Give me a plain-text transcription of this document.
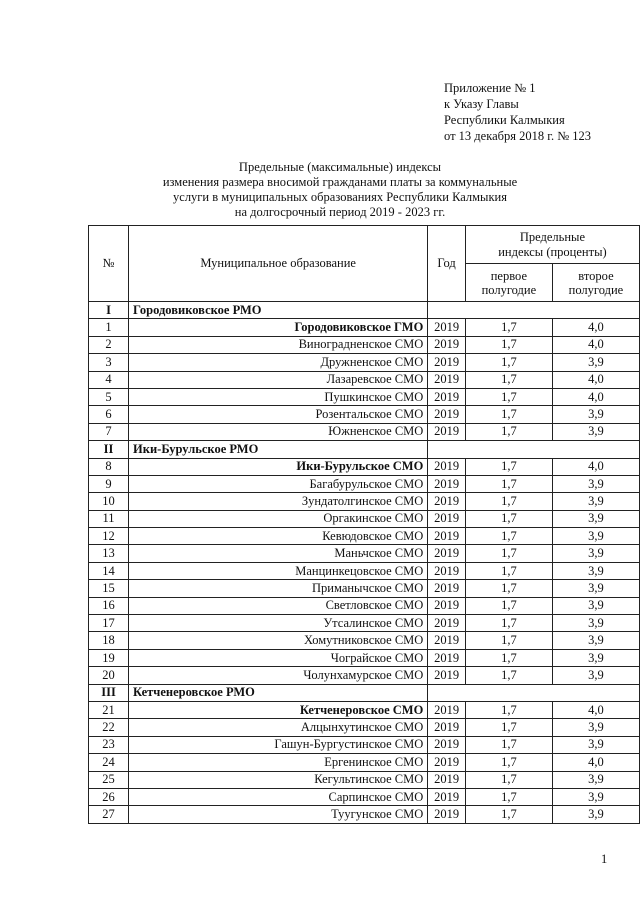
Приложение № 1
к Указу Главы
Республики Калмыкия
от 13 декабря 2018 г. № 123
Предельные (максимальные) индексы
изменения размера вносимой гражданами платы за коммунальные
услуги в муниципальных образованиях Республики Калмыкия
на долгосрочный период 2019 - 2023 гг.
№	Муниципальное образование	Год	Предельные индексы (проценты)	
			первое полугодие	второе полугодие
I	Городовиковское РМО			
1	Городовиковское ГМО	2019	1,7	4,0
2	Виноградненское СМО	2019	1,7	4,0
3	Дружненское СМО	2019	1,7	3,9
4	Лазаревское СМО	2019	1,7	4,0
5	Пушкинское СМО	2019	1,7	4,0
6	Розентальское СМО	2019	1,7	3,9
7	Южненское СМО	2019	1,7	3,9
II	Ики-Бурульское РМО			
8	Ики-Бурульское СМО	2019	1,7	4,0
9	Багабурульское СМО	2019	1,7	3,9
10	Зундатолгинское СМО	2019	1,7	3,9
11	Оргакинское СМО	2019	1,7	3,9
12	Кевюдовское СМО	2019	1,7	3,9
13	Маньчское СМО	2019	1,7	3,9
14	Манцинкецовское СМО	2019	1,7	3,9
15	Приманычское СМО	2019	1,7	3,9
16	Светловское СМО	2019	1,7	3,9
17	Утсалинское СМО	2019	1,7	3,9
18	Хомутниковское СМО	2019	1,7	3,9
19	Чограйское СМО	2019	1,7	3,9
20	Чолунхамурское СМО	2019	1,7	3,9
III	Кетченеровское РМО			
21	Кетченеровское СМО	2019	1,7	4,0
22	Алцынхутинское СМО	2019	1,7	3,9
23	Гашун-Бургустинское СМО	2019	1,7	3,9
24	Ергенинское СМО	2019	1,7	4,0
25	Кегультинское СМО	2019	1,7	3,9
26	Сарпинское СМО	2019	1,7	3,9
27	Туугунское СМО	2019	1,7	3,9
1
